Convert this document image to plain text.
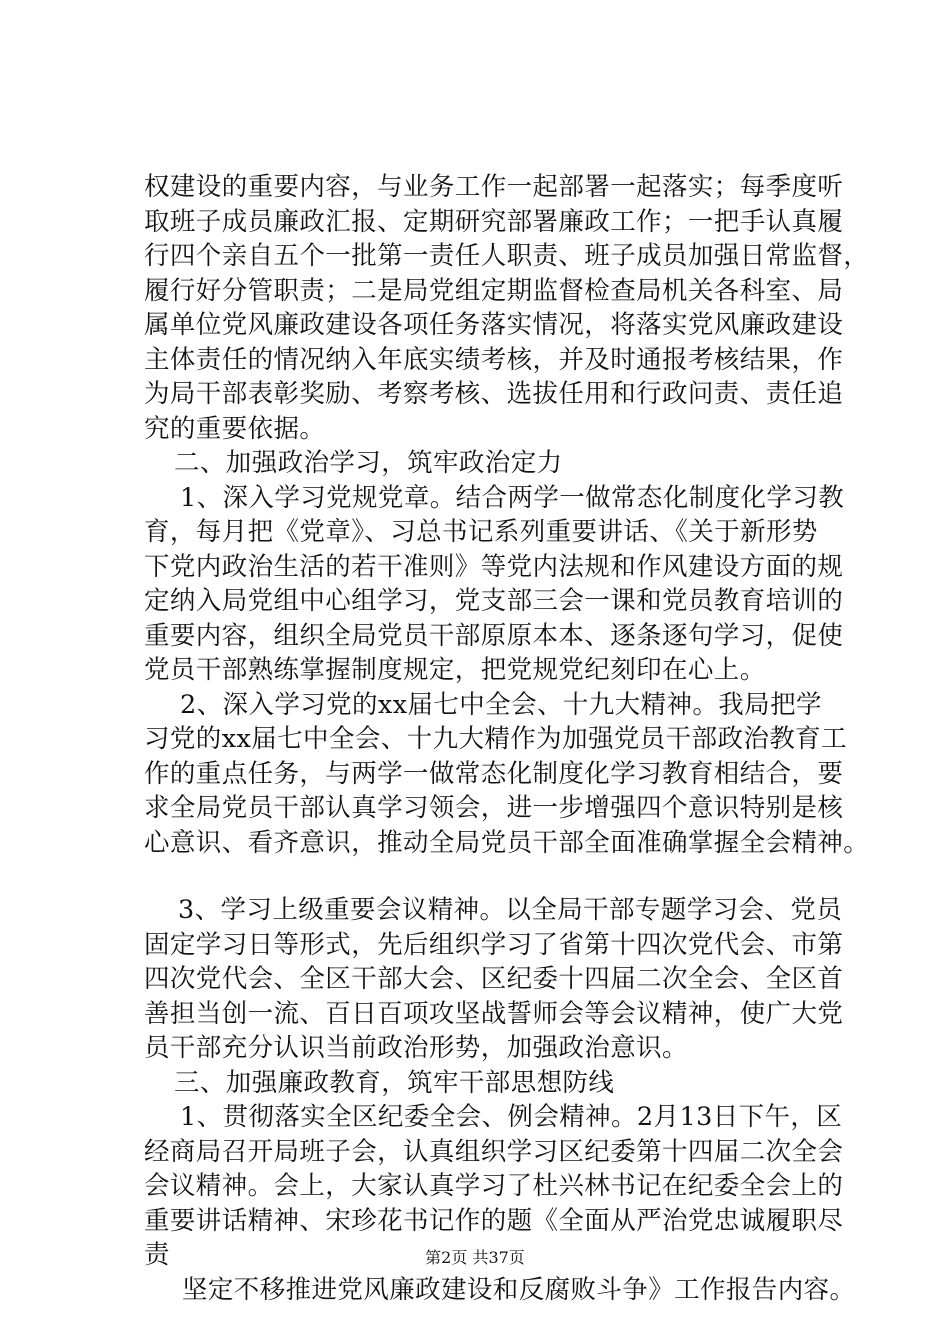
权建设的重要内容，与业务工作一起部署一起落实；每季度听
取班子成员廉政汇报、定期研究部署廉政工作；一把手认真履
行四个亲自五个一批第一责任人职责、班子成员加强日常监督，
履行好分管职责；二是局党组定期监督检查局机关各科室、局
属单位党风廉政建设各项任务落实情况，将落实党风廉政建设
主体责任的情况纳入年底实绩考核，并及时通报考核结果，作
为局干部表彰奖励、考察考核、选拔任用和行政问责、责任追
究的重要依据。
二、加强政治学习，筑牢政治定力
1、深入学习党规党章。结合两学一做常态化制度化学习教
育，每月把《党章》、习总书记系列重要讲话、《关于新形势
下党内政治生活的若干准则》等党内法规和作风建设方面的规
定纳入局党组中心组学习，党支部三会一课和党员教育培训的
重要内容，组织全局党员干部原原本本、逐条逐句学习，促使
党员干部熟练掌握制度规定，把党规党纪刻印在心上。
2、深入学习党的xx届七中全会、十九大精神。我局把学
习党的xx届七中全会、十九大精作为加强党员干部政治教育工
作的重点任务，与两学一做常态化制度化学习教育相结合，要
求全局党员干部认真学习领会，进一步增强四个意识特别是核
心意识、看齐意识，推动全局党员干部全面准确掌握全会精神。
3、学习上级重要会议精神。以全局干部专题学习会、党员
固定学习日等形式，先后组织学习了省第十四次党代会、市第
四次党代会、全区干部大会、区纪委十四届二次全会、全区首
善担当创一流、百日百项攻坚战誓师会等会议精神，使广大党
员干部充分认识当前政治形势，加强政治意识。
三、加强廉政教育，筑牢干部思想防线
1、贯彻落实全区纪委全会、例会精神。2月13日下午，区
经商局召开局班子会，认真组织学习区纪委第十四届二次全会
会议精神。会上，大家认真学习了杜兴林书记在纪委全会上的
重要讲话精神、宋珍花书记作的题《全面从严治党忠诚履职尽
责
坚定不移推进党风廉政建设和反腐败斗争》工作报告内容。
第2页 共37页
